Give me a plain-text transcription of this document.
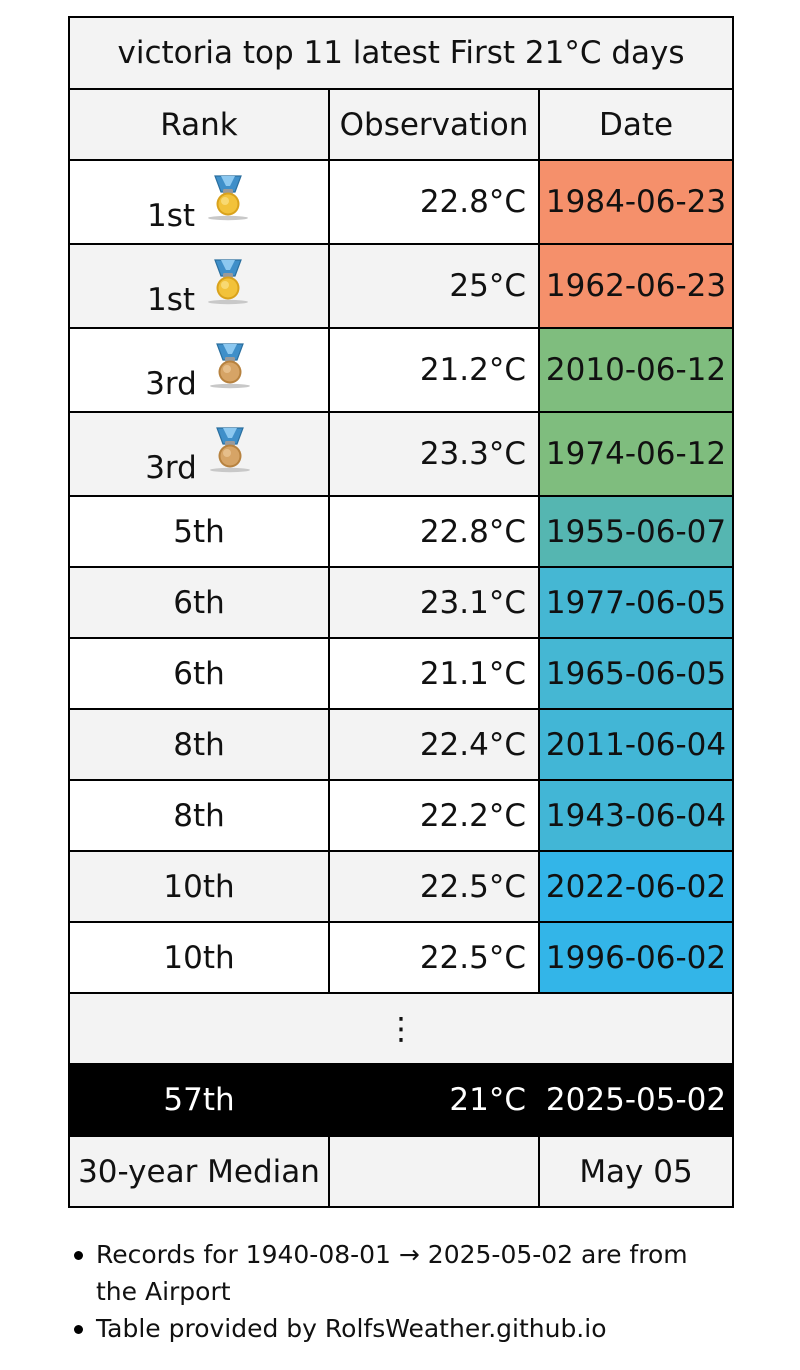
victoria top 11 latest First 21°C days		
Rank	Observation	Date

1st	22.8°C	1984-06-23

1st	25°C	1962-06-23

3rd	21.2°C	2010-06-12

3rd	23.3°C	1974-06-12
5th	22.8°C	1955-06-07
6th	23.1°C	1977-06-05
6th	21.1°C	1965-06-05
8th	22.4°C	2011-06-04
8th	22.2°C	1943-06-04
10th	22.5°C	2022-06-02
10th	22.5°C	1996-06-02
⋮		
57th	21°C	2025-05-02
30-year Median		May 05
Records for 1940-08-01 → 2025-05-02 are from the Airport
Table provided by RolfsWeather.github.io
